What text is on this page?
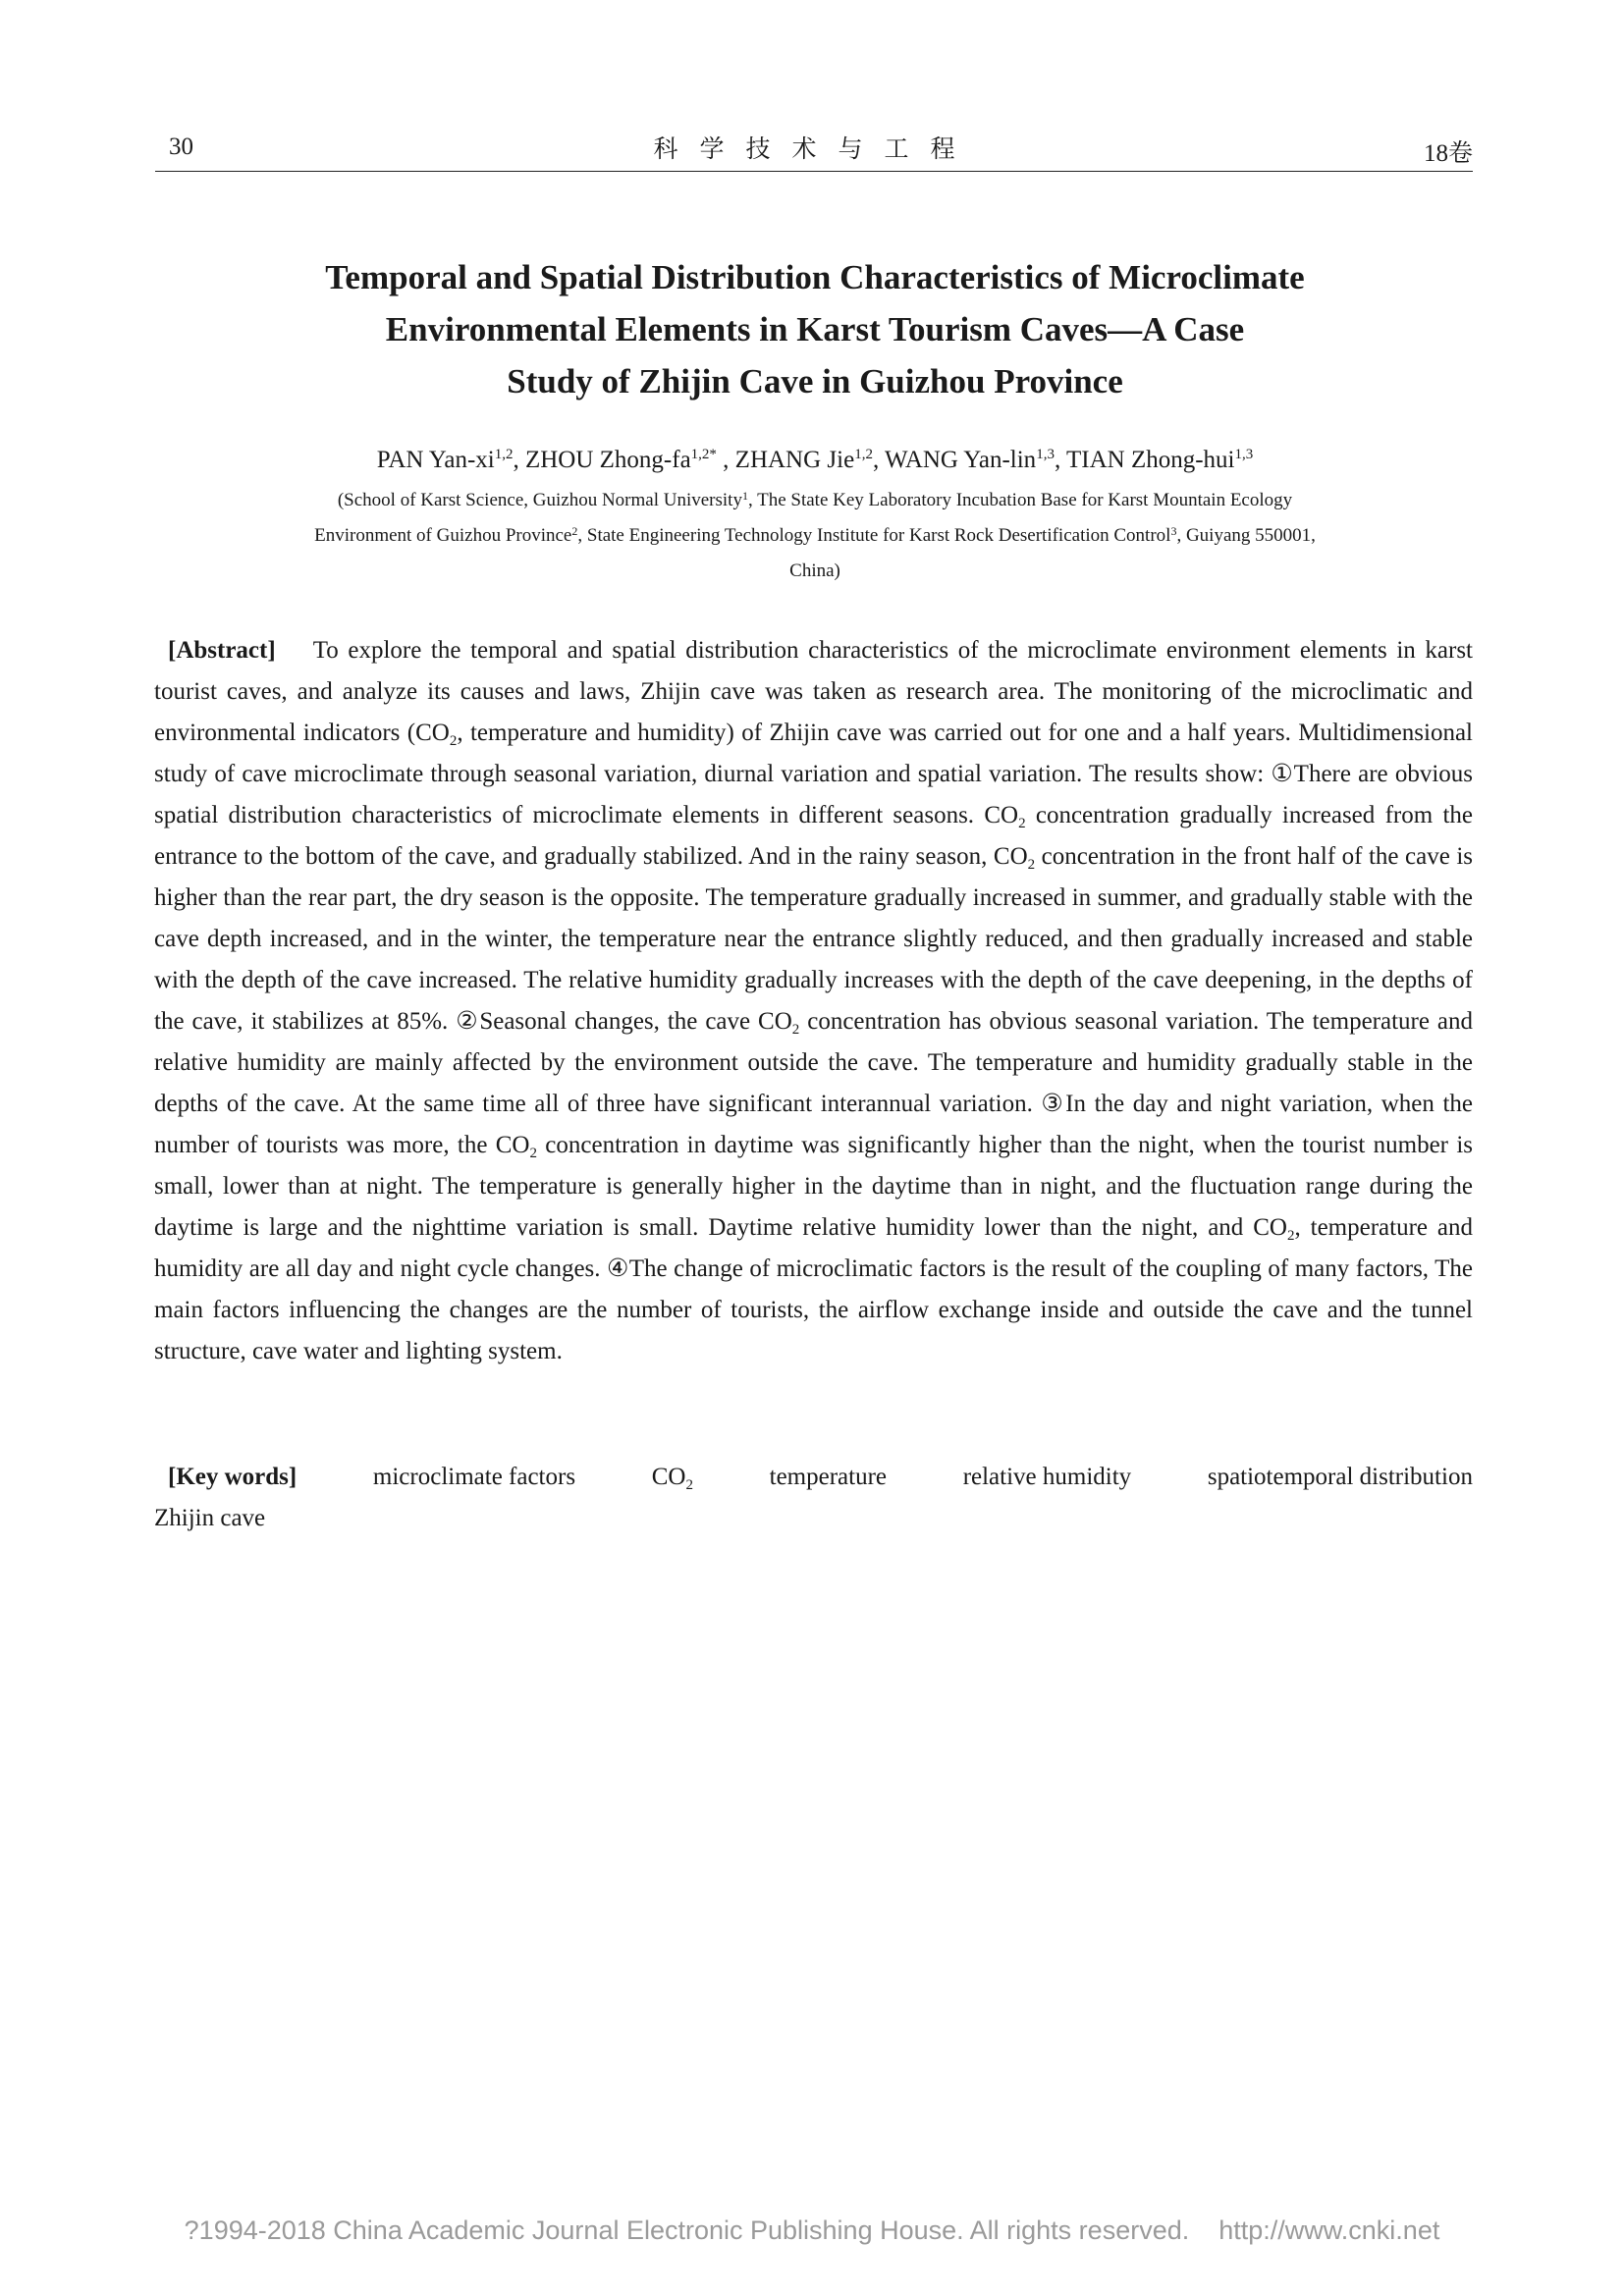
30	科学技术与工程	18卷
Temporal and Spatial Distribution Characteristics of Microclimate
Environmental Elements in Karst Tourism Caves—A Case
Study of Zhijin Cave in Guizhou Province
PAN Yan-xi$^{1,2}$, ZHOU Zhong-$fa^{1,2*}$ , ZHANG Jie$^{1,2}$, WANG Yan-lin$^{1,3}$, TIAN Zhong-hui$^{1,3}$
(School of Karst Science, Guizhou Normal University$^1$, The State Key Laboratory Incubation Base for Karst Mountain Ecology Environment of Guizhou Province$^2$, State Engineering Technology Institute for Karst Rock Desertification Control$^3$, Guiyang 550001, China)
[Abstract] To explore the temporal and spatial distribution characteristics of the microclimate environment elements in karst tourist caves, and analyze its causes and laws, Zhijin cave was taken as research area. The monitoring of the microclimatic and environmental indicators ($CO_2$, temperature and humidity) of Zhijin cave was carried out for one and a half years. Multidimensional study of cave microclimate through seasonal variation, diurnal variation and spatial variation. The results show: ①There are obvious spatial distribution characteristics of microclimate elements in different seasons. $CO_2$ concentration gradually increased from the entrance to the bottom of the cave, and gradually stabilized. And in the rainy season, $CO_2$ concentration in the front half of the cave is higher than the rear part, the dry season is the opposite. The temperature gradually increased in summer, and gradually stable with the cave depth increased, and in the winter, the temperature near the entrance slightly reduced, and then gradually increased and stable with the depth of the cave increased. The relative humidity gradually increases with the depth of the cave deepening, in the depths of the cave, it stabilizes at 85%. ②Seasonal changes, the cave $CO_2$ concentration has obvious seasonal variation. The temperature and relative humidity are mainly affected by the environment outside the cave. The temperature and humidity gradually stable in the depths of the cave. At the same time all of three have significant interannual variation. ③In the day and night variation, when the number of tourists was more, the $CO_2$ concentration in daytime was significantly higher than the night, when the tourist number is small, lower than at night. The temperature is generally higher in the daytime than in night, and the fluctuation range during the daytime is large and the nighttime variation is small. Daytime relative humidity lower than the night, and $CO_2$, temperature and humidity are all day and night cycle changes. ④The change of microclimatic factors is the result of the coupling of many factors, The main factors influencing the changes are the number of tourists, the airflow exchange inside and outside the cave and the tunnel structure, cave water and lighting system.
[Key words]	microclimate factors	$CO_2$	temperature	relative humidity	spatiotemporal distribution
Zhijin cave
?1994-2018 China Academic Journal Electronic Publishing House. All rights reserved. http://www.cnki.net
